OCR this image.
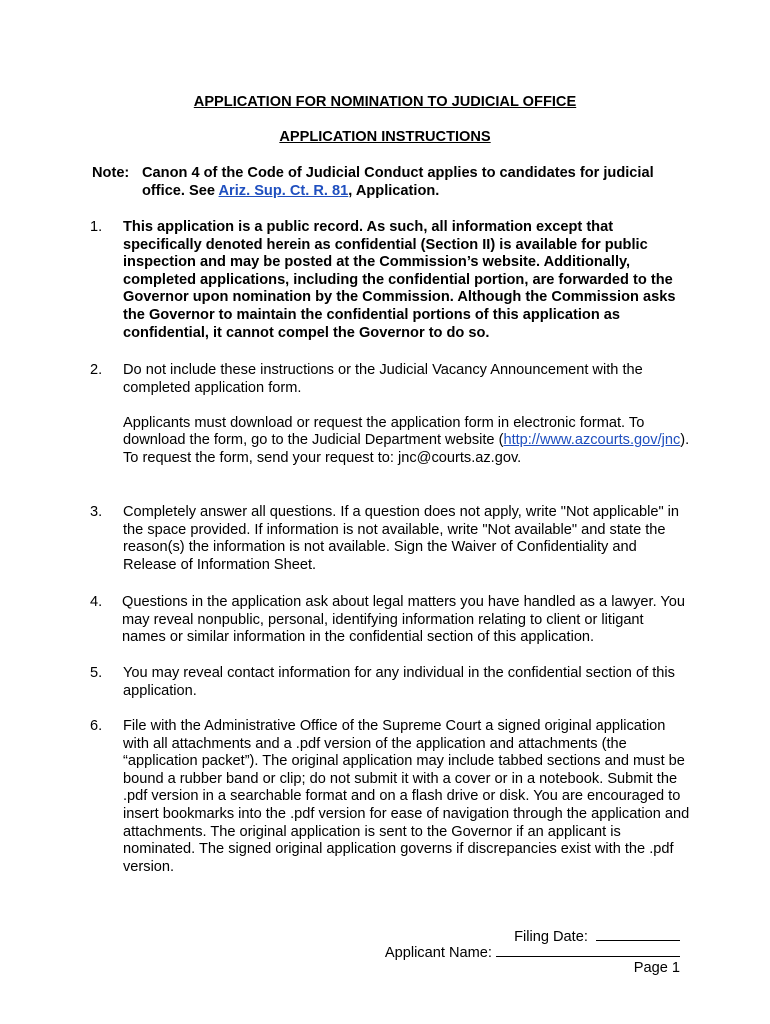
APPLICATION FOR NOMINATION TO JUDICIAL OFFICE
APPLICATION INSTRUCTIONS
Note: Canon 4 of the Code of Judicial Conduct applies to candidates for judicial office. See Ariz. Sup. Ct. R. 81, Application.
1. This application is a public record. As such, all information except that specifically denoted herein as confidential (Section II) is available for public inspection and may be posted at the Commission’s website. Additionally, completed applications, including the confidential portion, are forwarded to the Governor upon nomination by the Commission. Although the Commission asks the Governor to maintain the confidential portions of this application as confidential, it cannot compel the Governor to do so.

2. Do not include these instructions or the Judicial Vacancy Announcement with the completed application form.

Applicants must download or request the application form in electronic format. To download the form, go to the Judicial Department website (http://www.azcourts.gov/jnc). To request the form, send your request to: jnc@courts.az.gov.

3. Completely answer all questions. If a question does not apply, write "Not applicable" in the space provided. If information is not available, write "Not available" and state the reason(s) the information is not available. Sign the Waiver of Confidentiality and Release of Information Sheet.

4. Questions in the application ask about legal matters you have handled as a lawyer. You may reveal nonpublic, personal, identifying information relating to client or litigant names or similar information in the confidential section of this application.

5. You may reveal contact information for any individual in the confidential section of this application.

6. File with the Administrative Office of the Supreme Court a signed original application with all attachments and a .pdf version of the application and attachments (the “application packet”). The original application may include tabbed sections and must be bound a rubber band or clip; do not submit it with a cover or in a notebook. Submit the .pdf version in a searchable format and on a flash drive or disk. You are encouraged to insert bookmarks into the .pdf version for ease of navigation through the application and attachments. The original application is sent to the Governor if an applicant is nominated. The signed original application governs if discrepancies exist with the .pdf version.

Filing Date:
Applicant Name:
Page 1
